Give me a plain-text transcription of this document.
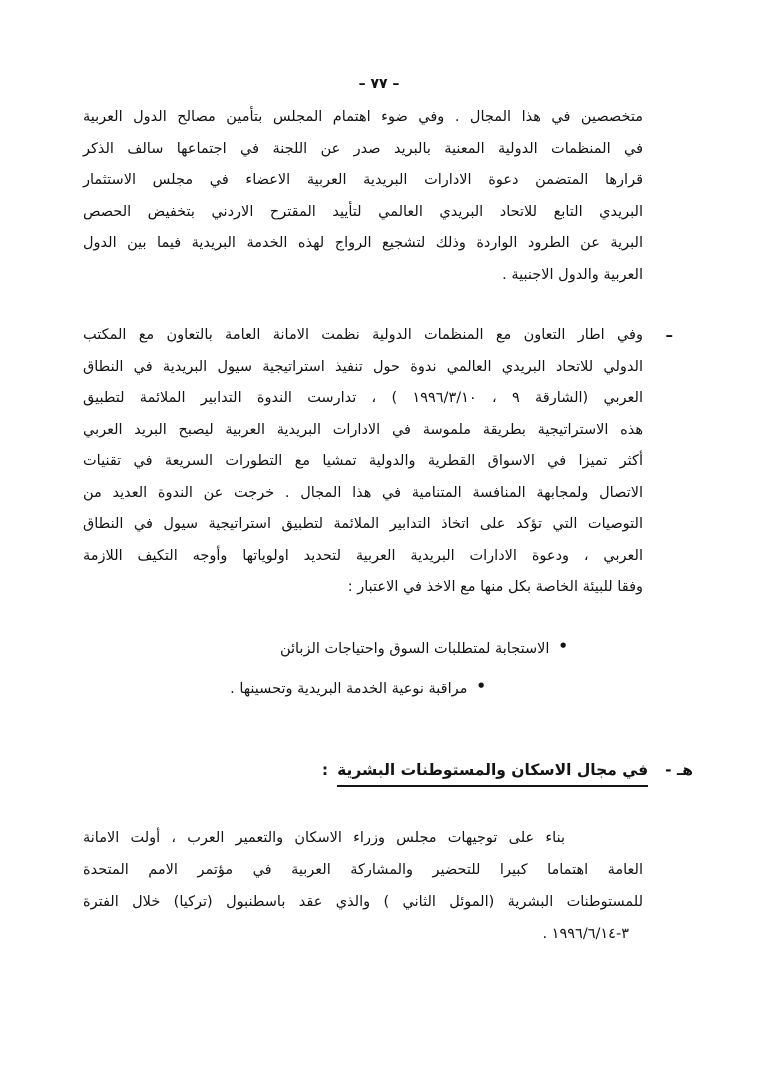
– ٧٧ –
متخصصين في هذا المجال . وفي ضوء اهتمام المجلس بتأمين مصالح الدول العربية
في المنظمات الدولية المعنية بالبريد صدر عن اللجنة في اجتماعها سالف الذكر
قرارها المتضمن دعوة الادارات البريدية العربية الاعضاء في مجلس الاستثمار
البريدي التابع للاتحاد البريدي العالمي لتأييد المقترح الاردني بتخفيض الحصص
البرية عن الطرود الواردة وذلك لتشجيع الرواج لهذه الخدمة البريدية فيما بين الدول
العربية والدول الاجنبية .
–
وفي اطار التعاون مع المنظمات الدولية نظمت الامانة العامة بالتعاون مع المكتب
الدولي للاتحاد البريدي العالمي ندوة حول تنفيذ استراتيجية سيول البريدية في النطاق
العربي (الشارقة ٩ ، ١٩٩٦/٣/١٠ ) ، تدارست الندوة التدابير الملائمة لتطبيق
هذه الاستراتيجية بطريقة ملموسة في الادارات البريدية العربية ليصبح البريد العربي
أكثر تميزا في الاسواق القطرية والدولية تمشيا مع التطورات السريعة في تقنيات
الاتصال ولمجابهة المنافسة المتنامية في هذا المجال . خرجت عن الندوة العديد من
التوصيات التي تؤكد على اتخاذ التدابير الملائمة لتطبيق استراتيجية سيول في النطاق
العربي ، ودعوة الادارات البريدية العربية لتحديد اولوياتها وأوجه التكيف اللازمة
وفقا للبيئة الخاصة بكل منها مع الاخذ في الاعتبار :
•الاستجابة لمتطلبات السوق واحتياجات الزبائن
•مراقبة نوعية الخدمة البريدية وتحسينها .
هـ -
في مجال الاسكان والمستوطنات البشرية:
بناء على توجيهات مجلس وزراء الاسكان والتعمير العرب ، أولت الامانة
العامة اهتماما كبيرا للتحضير والمشاركة العربية في مؤتمر الامم المتحدة
للمستوطنات البشرية (الموئل الثاني ) والذي عقد باسطنبول (تركيا) خلال الفترة
٣-١٩٩٦/٦/١٤ .
